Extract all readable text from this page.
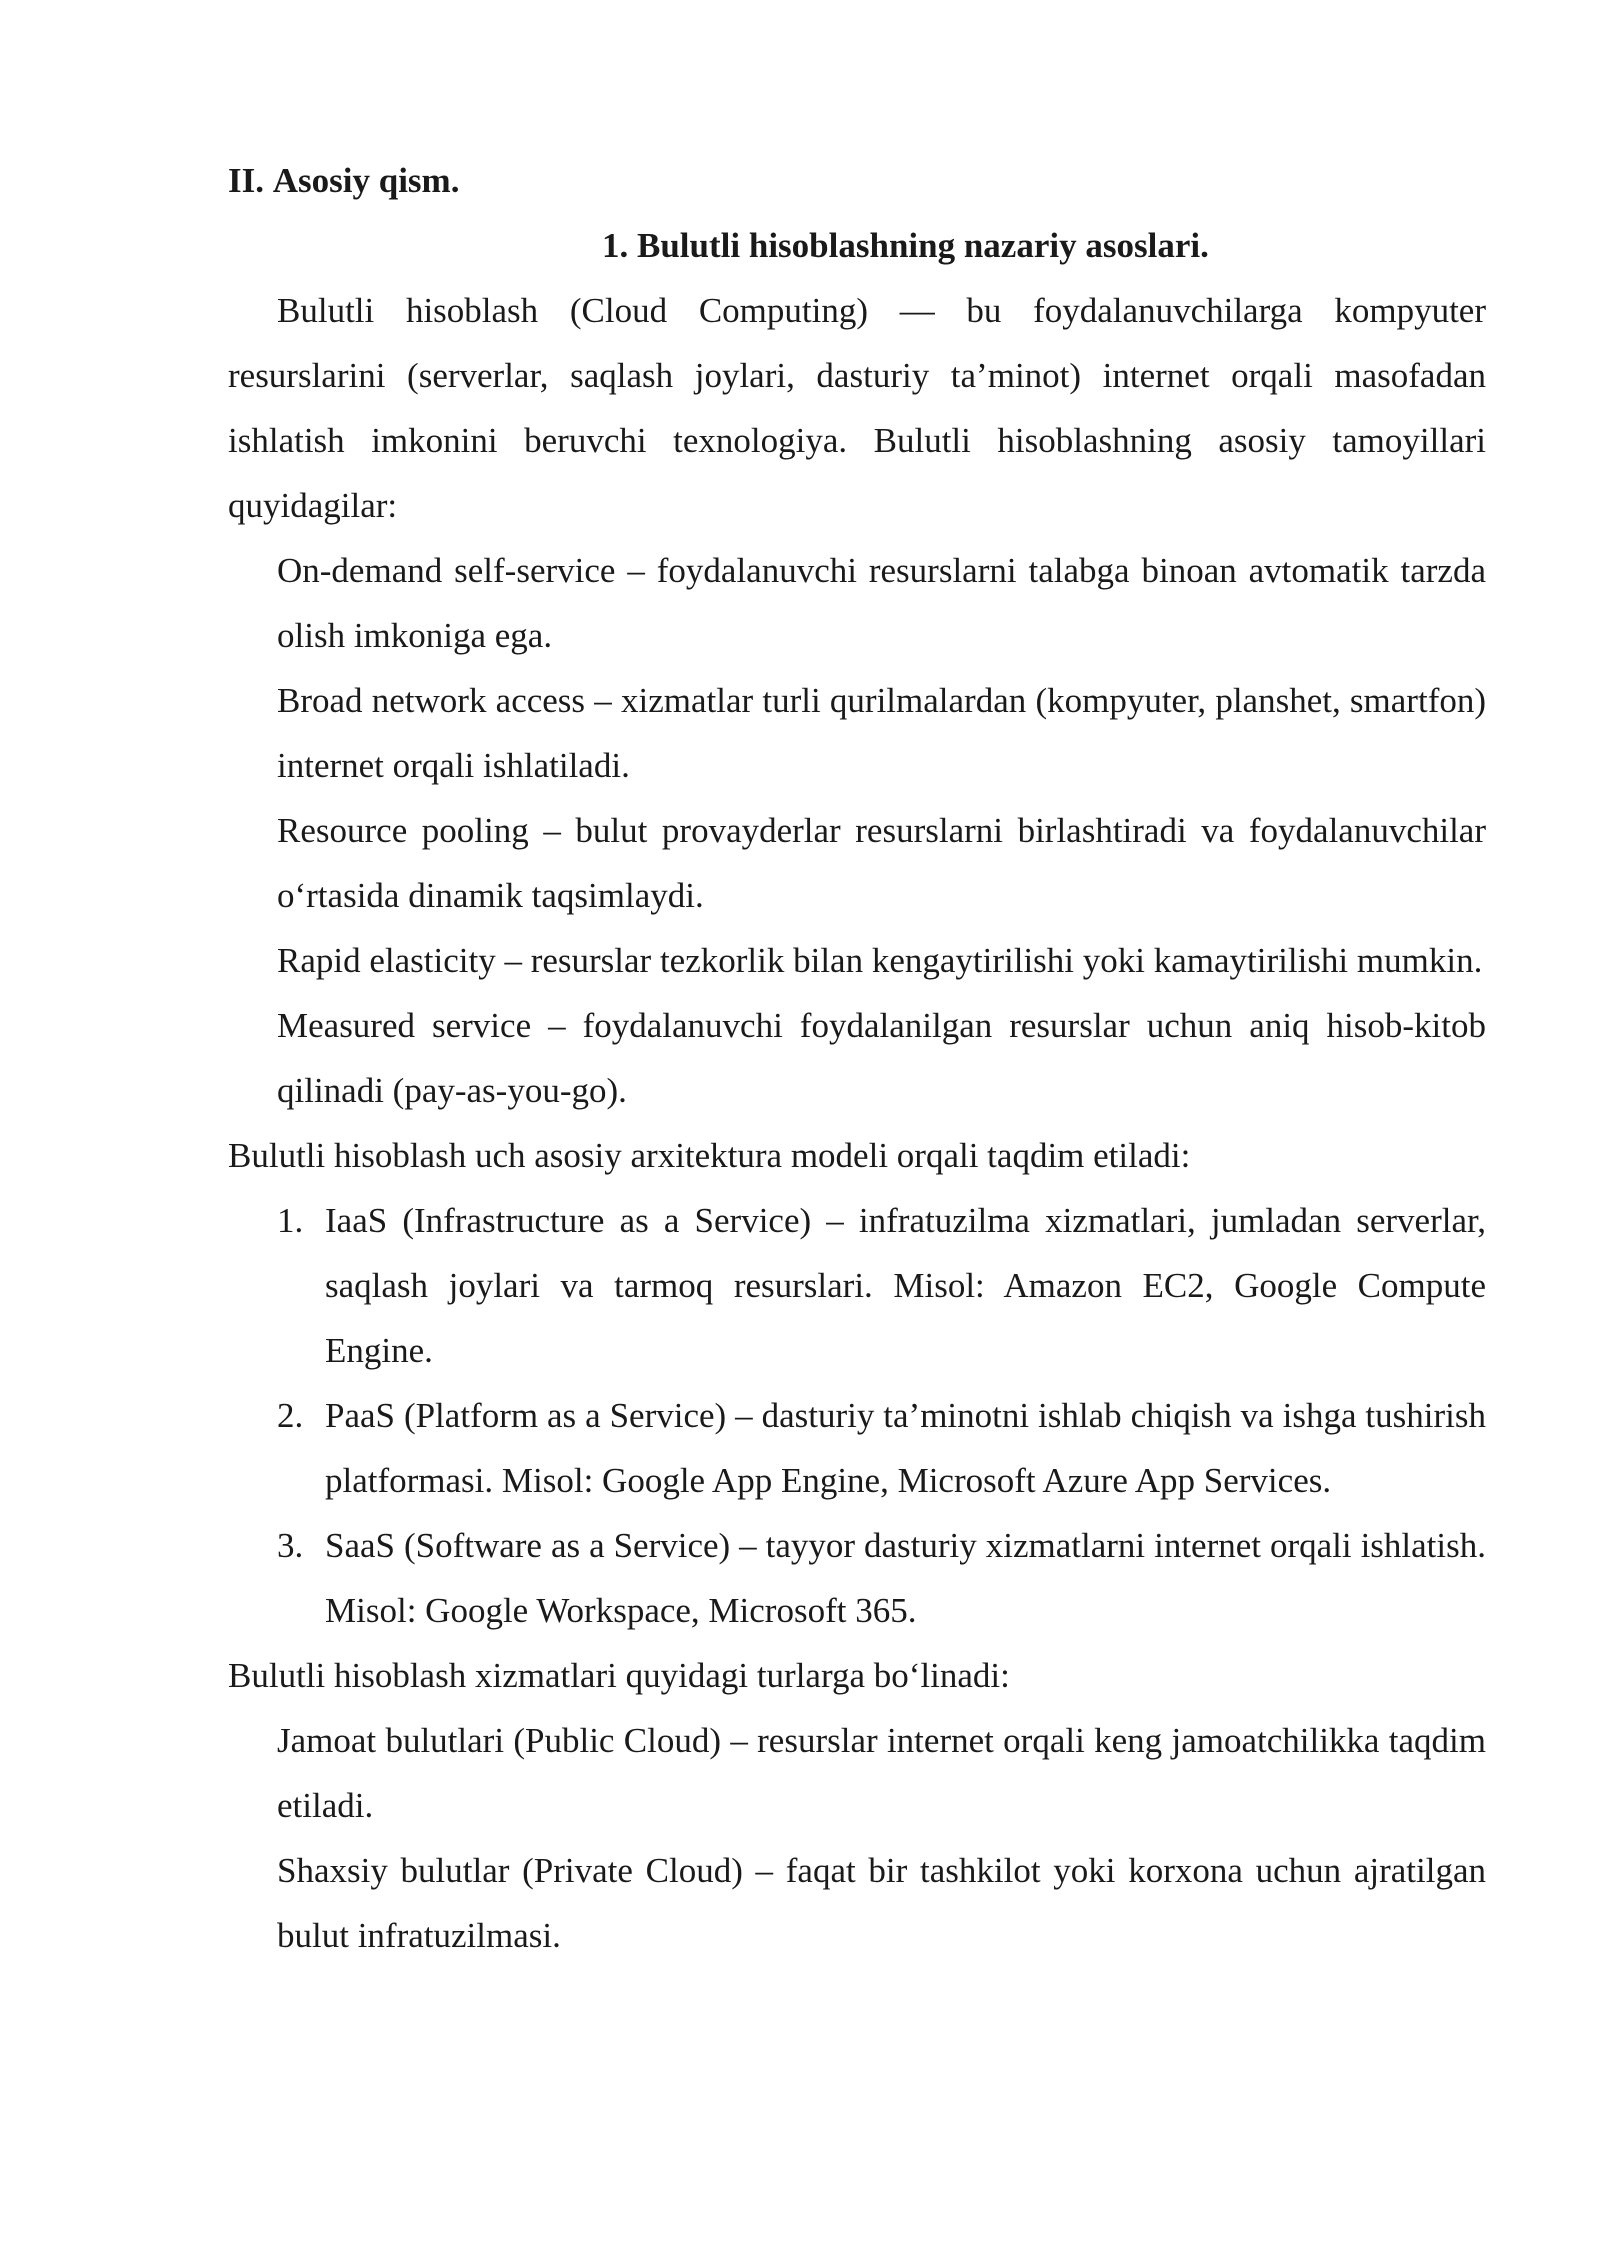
II. Asosiy qism.

1. Bulutli hisoblashning nazariy asoslari.

Bulutli hisoblash (Cloud Computing) — bu foydalanuvchilarga kompyuter resurslarini (serverlar, saqlash joylari, dasturiy ta’minot) internet orqali masofadan ishlatish imkonini beruvchi texnologiya. Bulutli hisoblashning asosiy tamoyillari quyidagilar:

On-demand self-service – foydalanuvchi resurslarni talabga binoan avtomatik tarzda olish imkoniga ega.

Broad network access – xizmatlar turli qurilmalardan (kompyuter, planshet, smartfon) internet orqali ishlatiladi.

Resource pooling – bulut provayderlar resurslarni birlashtiradi va foydalanuvchilar o‘rtasida dinamik taqsimlaydi.

Rapid elasticity – resurslar tezkorlik bilan kengaytirilishi yoki kamaytirilishi mumkin.

Measured service – foydalanuvchi foydalanilgan resurslar uchun aniq hisob-kitob qilinadi (pay-as-you-go).

Bulutli hisoblash uch asosiy arxitektura modeli orqali taqdim etiladi:

1. IaaS (Infrastructure as a Service) – infratuzilma xizmatlari, jumladan serverlar, saqlash joylari va tarmoq resurslari. Misol: Amazon EC2, Google Compute Engine.
2. PaaS (Platform as a Service) – dasturiy ta’minotni ishlab chiqish va ishga tushirish platformasi. Misol: Google App Engine, Microsoft Azure App Services.
3. SaaS (Software as a Service) – tayyor dasturiy xizmatlarni internet orqali ishlatish. Misol: Google Workspace, Microsoft 365.

Bulutli hisoblash xizmatlari quyidagi turlarga bo‘linadi:

Jamoat bulutlari (Public Cloud) – resurslar internet orqali keng jamoatchilikka taqdim etiladi.

Shaxsiy bulutlar (Private Cloud) – faqat bir tashkilot yoki korxona uchun ajratilgan bulut infratuzilmasi.
